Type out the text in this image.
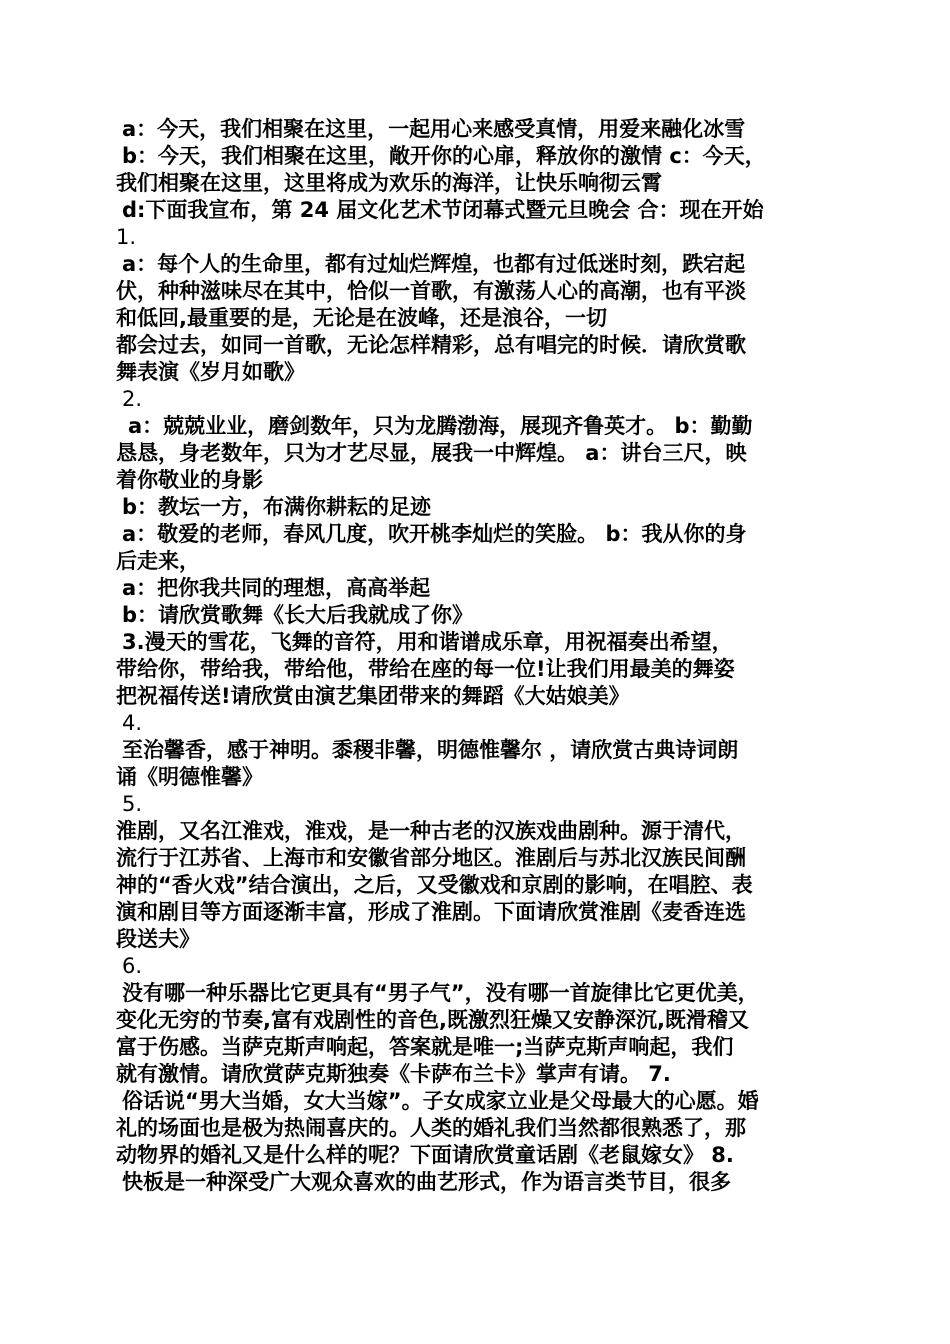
a：今天，我们相聚在这里，一起用心来感受真情，用爱来融化冰雪
b：今天，我们相聚在这里，敞开你的心扉，释放你的激情 c：今天，
我们相聚在这里，这里将成为欢乐的海洋，让快乐响彻云霄
d:下面我宣布，第 24 届文化艺术节闭幕式暨元旦晚会 合：现在开始
1.
a：每个人的生命里，都有过灿烂辉煌，也都有过低迷时刻，跌宕起
伏，种种滋味尽在其中，恰似一首歌，有激荡人心的高潮，也有平淡
和低回,最重要的是，无论是在波峰，还是浪谷，一切
都会过去，如同一首歌，无论怎样精彩，总有唱完的时候．请欣赏歌
舞表演《岁月如歌》
2.
a：兢兢业业，磨剑数年，只为龙腾渤海，展现齐鲁英才。 b：勤勤
恳恳，身老数年，只为才艺尽显，展我一中辉煌。 a：讲台三尺，映
着你敬业的身影
b：教坛一方，布满你耕耘的足迹
a：敬爱的老师，春风几度，吹开桃李灿烂的笑脸。 b：我从你的身
后走来，
a：把你我共同的理想，高高举起
b：请欣赏歌舞《长大后我就成了你》
3.漫天的雪花，飞舞的音符，用和谐谱成乐章，用祝福奏出希望，
带给你，带给我，带给他，带给在座的每一位!让我们用最美的舞姿
把祝福传送!请欣赏由演艺集团带来的舞蹈《大姑娘美》
4.
至治馨香，感于神明。黍稷非馨，明德惟馨尔 ，请欣赏古典诗词朗
诵《明德惟馨》
5.
淮剧，又名江淮戏，淮戏，是一种古老的汉族戏曲剧种。源于清代，
流行于江苏省、上海市和安徽省部分地区。淮剧后与苏北汉族民间酬
神的“香火戏”结合演出，之后，又受徽戏和京剧的影响，在唱腔、表
演和剧目等方面逐渐丰富，形成了淮剧。下面请欣赏淮剧《麦香连选
段送夫》
6.
没有哪一种乐器比它更具有“男子气”，没有哪一首旋律比它更优美，
变化无穷的节奏,富有戏剧性的音色,既激烈狂燥又安静深沉,既滑稽又
富于伤感。当萨克斯声响起，答案就是唯一;当萨克斯声响起，我们
就有激情。请欣赏萨克斯独奏《卡萨布兰卡》掌声有请。 7.
俗话说“男大当婚，女大当嫁”。子女成家立业是父母最大的心愿。婚
礼的场面也是极为热闹喜庆的。人类的婚礼我们当然都很熟悉了，那
动物界的婚礼又是什么样的呢？下面请欣赏童话剧《老鼠嫁女》 8.
快板是一种深受广大观众喜欢的曲艺形式，作为语言类节目，很多
